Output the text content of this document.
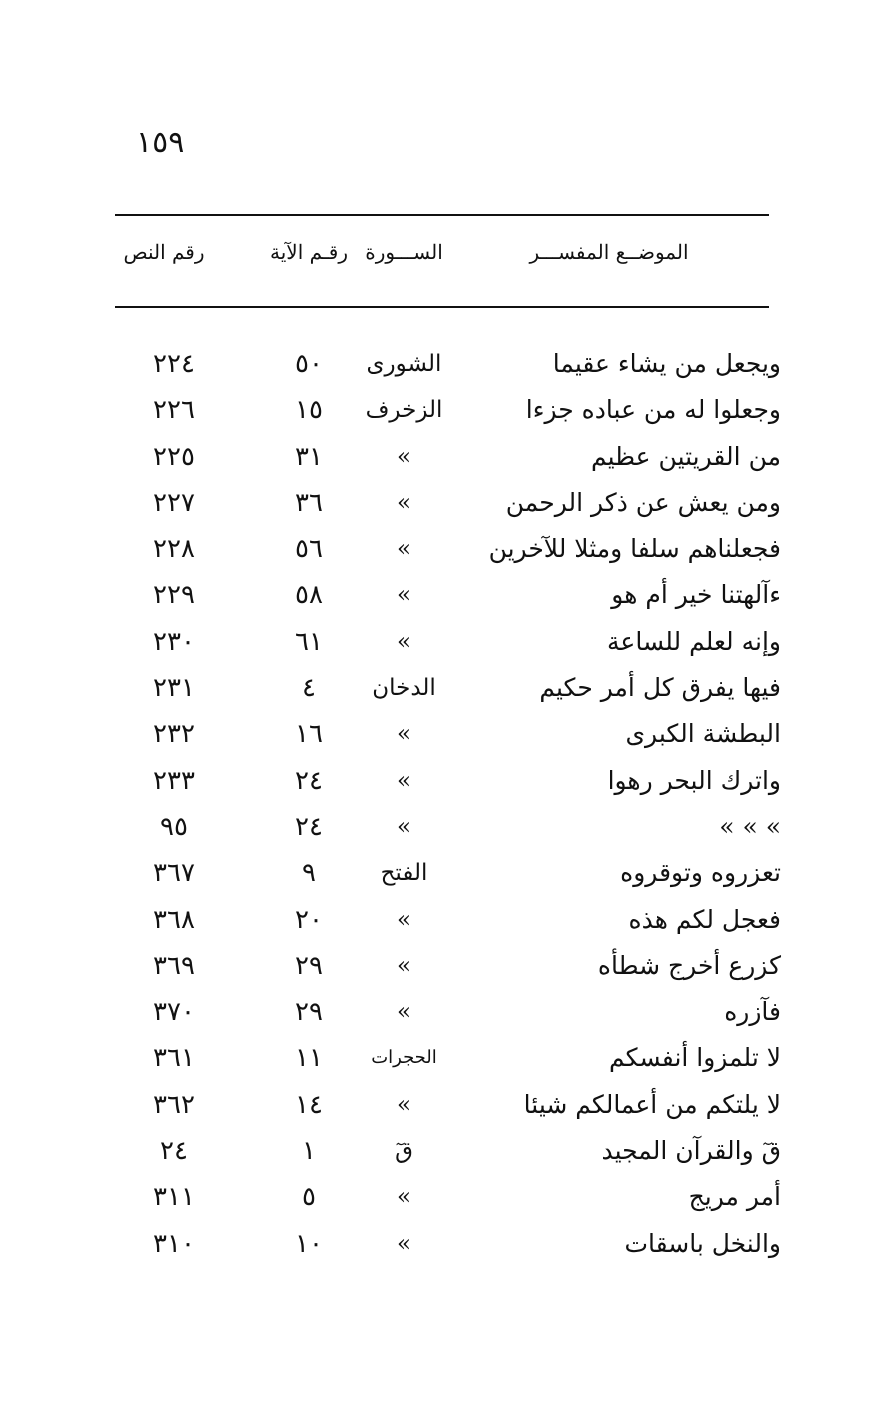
١٥٩
الموضــع المفســـر
الســـورة
رقـم الآية
رقم النص
ويجعل من يشاء عقيما
الشورى
٥٠
٢٢٤
وجعلوا له من عباده جزءا
الزخرف
١٥
٢٢٦
من القريتين عظيم
»
٣١
٢٢٥
ومن يعش عن ذكر الرحمن
»
٣٦
٢٢٧
فجعلناهم سلفا ومثلا للآخرين
»
٥٦
٢٢٨
ءآلهتنا خير أم هو
»
٥٨
٢٢٩
وإنه لعلم للساعة
»
٦١
٢٣٠
فيها يفرق كل أمر حكيم
الدخان
٤
٢٣١
البطشة الكبرى
»
١٦
٢٣٢
واترك البحر رهوا
»
٢٤
٢٣٣
» » »
»
٢٤
٩٥
تعزروه وتوقروه
الفتح
٩
٣٦٧
فعجل لكم هذه
»
٢٠
٣٦٨
كزرع أخرج شطأه
»
٢٩
٣٦٩
فآزره
»
٢٩
٣٧٠
لا تلمزوا أنفسكم
الحجرات
١١
٣٦١
لا يلتكم من أعمالكم شيئا
»
١٤
٣٦٢
قٓ والقرآن المجيد
قٓ
١
٢٤
أمر مريج
»
٥
٣١١
والنخل باسقات
»
١٠
٣١٠
